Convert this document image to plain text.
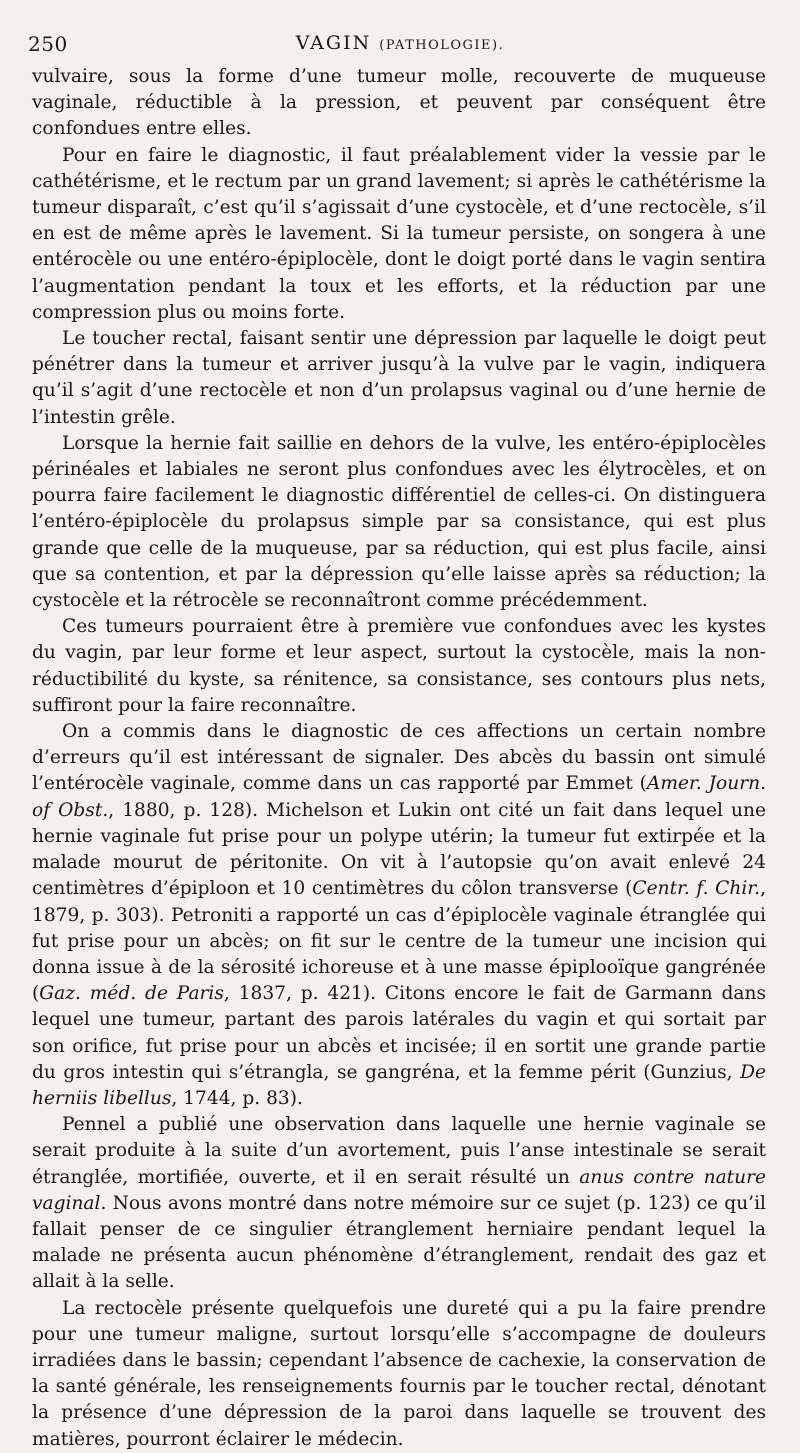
250	VAGIN (PATHOLOGIE).

vulvaire, sous la forme d’une tumeur molle, recouverte de muqueuse vaginale, réductible à la pression, et peuvent par conséquent être confondues entre elles.

Pour en faire le diagnostic, il faut préalablement vider la vessie par le cathétérisme, et le rectum par un grand lavement; si après le cathétérisme la tumeur disparaît, c’est qu’il s’agissait d’une cystocèle, et d’une rectocèle, s’il en est de même après le lavement. Si la tumeur persiste, on songera à une entérocèle ou une entéro-épiplocèle, dont le doigt porté dans le vagin sentira l’augmentation pendant la toux et les efforts, et la réduction par une compression plus ou moins forte.

Le toucher rectal, faisant sentir une dépression par laquelle le doigt peut pénétrer dans la tumeur et arriver jusqu’à la vulve par le vagin, indiquera qu’il s’agit d’une rectocèle et non d’un prolapsus vaginal ou d’une hernie de l’intestin grêle.

Lorsque la hernie fait saillie en dehors de la vulve, les entéro-épiplocèles périnéales et labiales ne seront plus confondues avec les élytrocèles, et on pourra faire facilement le diagnostic différentiel de celles-ci. On distinguera l’entéro-épiplocèle du prolapsus simple par sa consistance, qui est plus grande que celle de la muqueuse, par sa réduction, qui est plus facile, ainsi que sa contention, et par la dépression qu’elle laisse après sa réduction; la cystocèle et la rétrocèle se reconnaîtront comme précédemment.

Ces tumeurs pourraient être à première vue confondues avec les kystes du vagin, par leur forme et leur aspect, surtout la cystocèle, mais la non-réductibilité du kyste, sa rénitence, sa consistance, ses contours plus nets, suffiront pour la faire reconnaître.

On a commis dans le diagnostic de ces affections un certain nombre d’erreurs qu’il est intéressant de signaler. Des abcès du bassin ont simulé l’entérocèle vaginale, comme dans un cas rapporté par Emmet (Amer. Journ. of Obst., 1880, p. 128). Michelson et Lukin ont cité un fait dans lequel une hernie vaginale fut prise pour un polype utérin; la tumeur fut extirpée et la malade mourut de péritonite. On vit à l’autopsie qu’on avait enlevé 24 centimètres d’épiploon et 10 centimètres du côlon transverse (Centr. f. Chir., 1879, p. 303). Petroniti a rapporté un cas d’épiplocèle vaginale étranglée qui fut prise pour un abcès; on fit sur le centre de la tumeur une incision qui donna issue à de la sérosité ichoreuse et à une masse épiplooïque gangrénée (Gaz. méd. de Paris, 1837, p. 421). Citons encore le fait de Garmann dans lequel une tumeur, partant des parois latérales du vagin et qui sortait par son orifice, fut prise pour un abcès et incisée; il en sortit une grande partie du gros intestin qui s’étrangla, se gangréna, et la femme périt (Gunzius, De herniis libellus, 1744, p. 83).

Pennel a publié une observation dans laquelle une hernie vaginale se serait produite à la suite d’un avortement, puis l’anse intestinale se serait étranglée, mortifiée, ouverte, et il en serait résulté un anus contre nature vaginal. Nous avons montré dans notre mémoire sur ce sujet (p. 123) ce qu’il fallait penser de ce singulier étranglement herniaire pendant lequel la malade ne présenta aucun phénomène d’étranglement, rendait des gaz et allait à la selle.

La rectocèle présente quelquefois une dureté qui a pu la faire prendre pour une tumeur maligne, surtout lorsqu’elle s’accompagne de douleurs irradiées dans le bassin; cependant l’absence de cachexie, la conservation de la santé générale, les renseignements fournis par le toucher rectal, dénotant la présence d’une dépression de la paroi dans laquelle se trouvent des matières, pourront éclairer le médecin.
